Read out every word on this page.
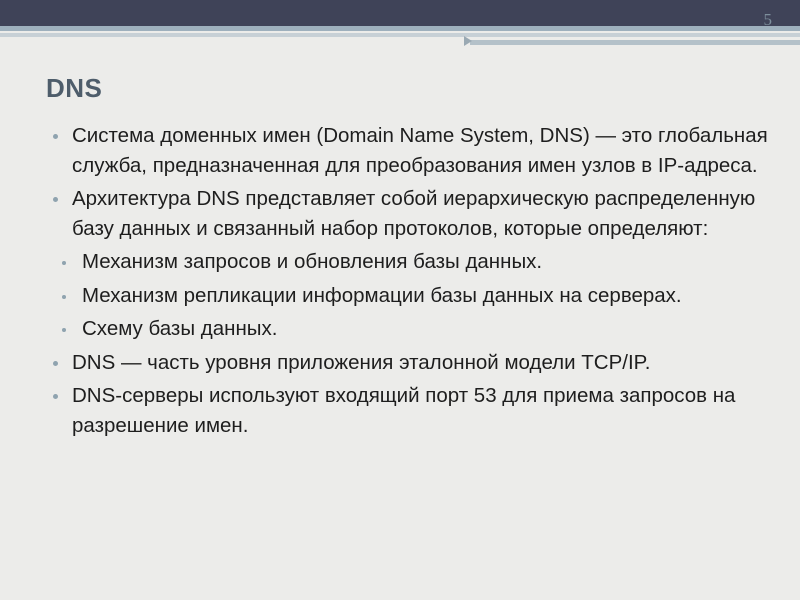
5
DNS
Система доменных имен (Domain Name System, DNS) — это глобальная служба, предназначенная для преобразования имен узлов в IP-адреса.
Архитектура DNS представляет собой иерархическую распределенную базу данных и связанный набор протоколов, которые определяют:
Механизм запросов и обновления базы данных.
Механизм репликации информации базы данных на серверах.
Схему базы данных.
DNS — часть уровня приложения эталонной модели TCP/IP.
DNS-серверы используют входящий порт 53 для приема запросов на разрешение имен.
